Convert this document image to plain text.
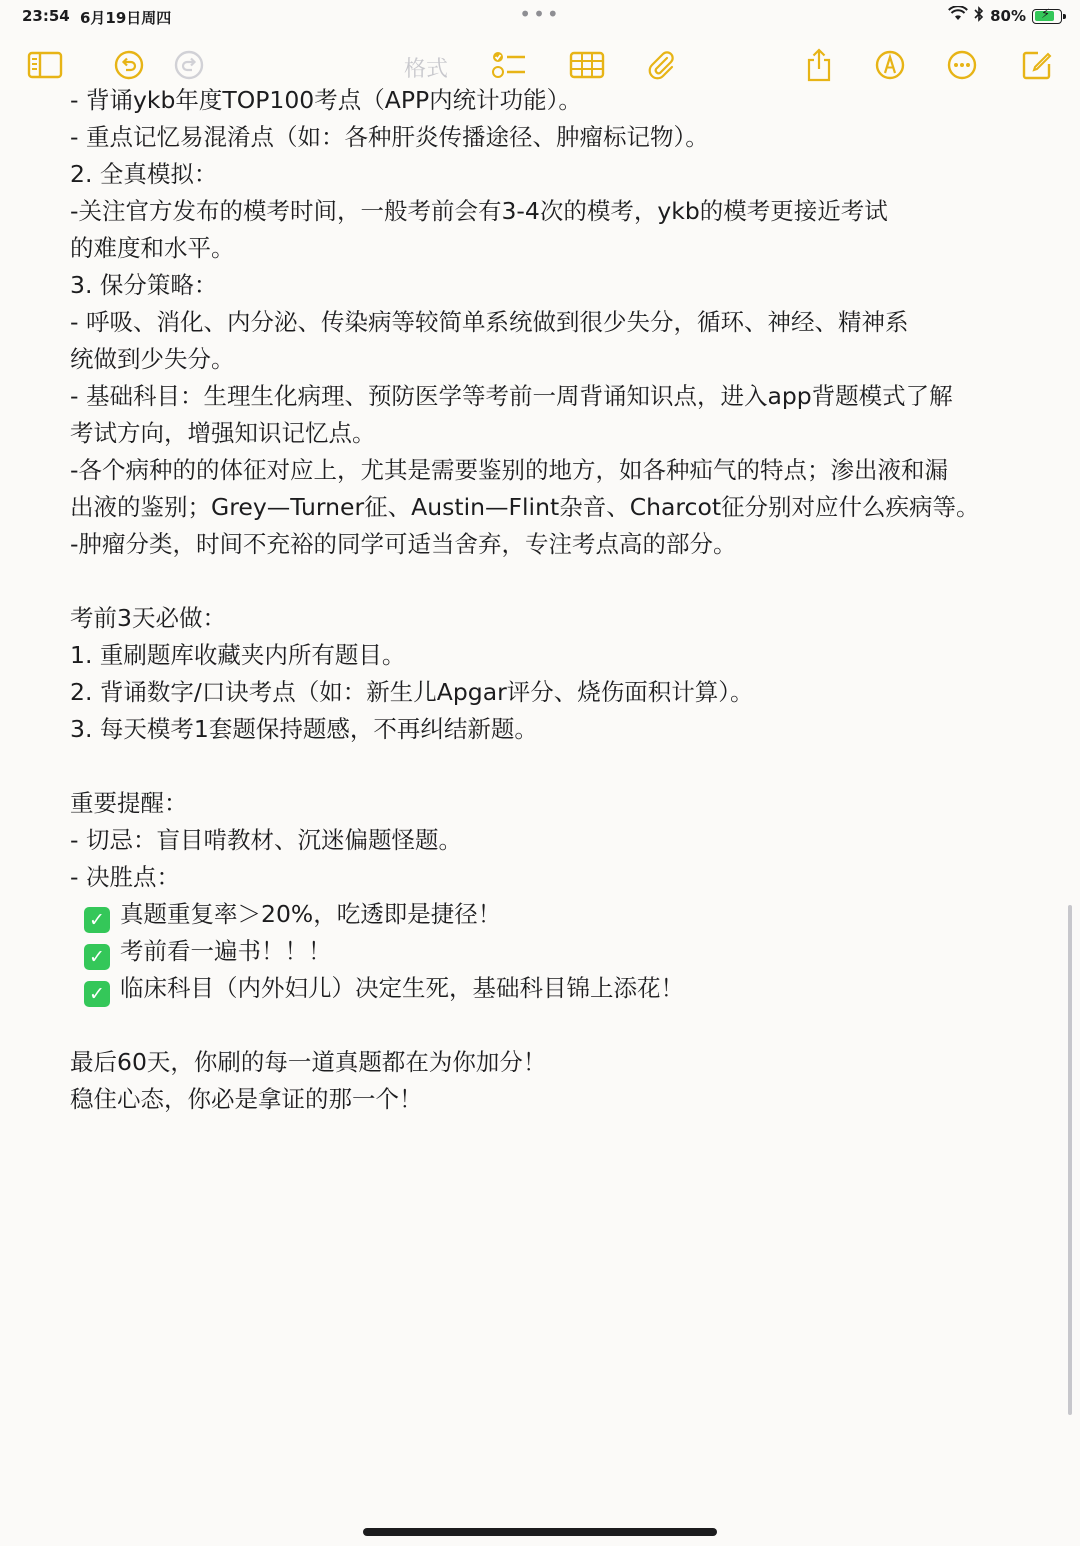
23:54 6月19日周四	•••	80% ⚡
格式
- 背诵ykb年度TOP100考点（APP内统计功能）。
- 重点记忆易混淆点（如：各种肝炎传播途径、肿瘤标记物）。
2. 全真模拟：
-关注官方发布的模考时间，一般考前会有3-4次的模考，ykb的模考更接近考试
的难度和水平。
3. 保分策略：
- 呼吸、消化、内分泌、传染病等较简单系统做到很少失分，循环、神经、精神系
统做到少失分。
- 基础科目：生理生化病理、预防医学等考前一周背诵知识点，进入app背题模式了解
考试方向，增强知识记忆点。
-各个病种的的体征对应上，尤其是需要鉴别的地方，如各种疝气的特点；渗出液和漏
出液的鉴别；Grey—Turner征、Austin—Flint杂音、Charcot征分别对应什么疾病等。
-肿瘤分类，时间不充裕的同学可适当舍弃，专注考点高的部分。
考前3天必做：
1. 重刷题库收藏夹内所有题目。
2. 背诵数字/口诀考点（如：新生儿Apgar评分、烧伤面积计算）。
3. 每天模考1套题保持题感，不再纠结新题。
重要提醒：
- 切忌：盲目啃教材、沉迷偏题怪题。
- 决胜点：
✓ 真题重复率＞20%，吃透即是捷径！
✓ 考前看一遍书！！！
✓ 临床科目（内外妇儿）决定生死，基础科目锦上添花！
最后60天，你刷的每一道真题都在为你加分！
稳住心态，你必是拿证的那一个！
